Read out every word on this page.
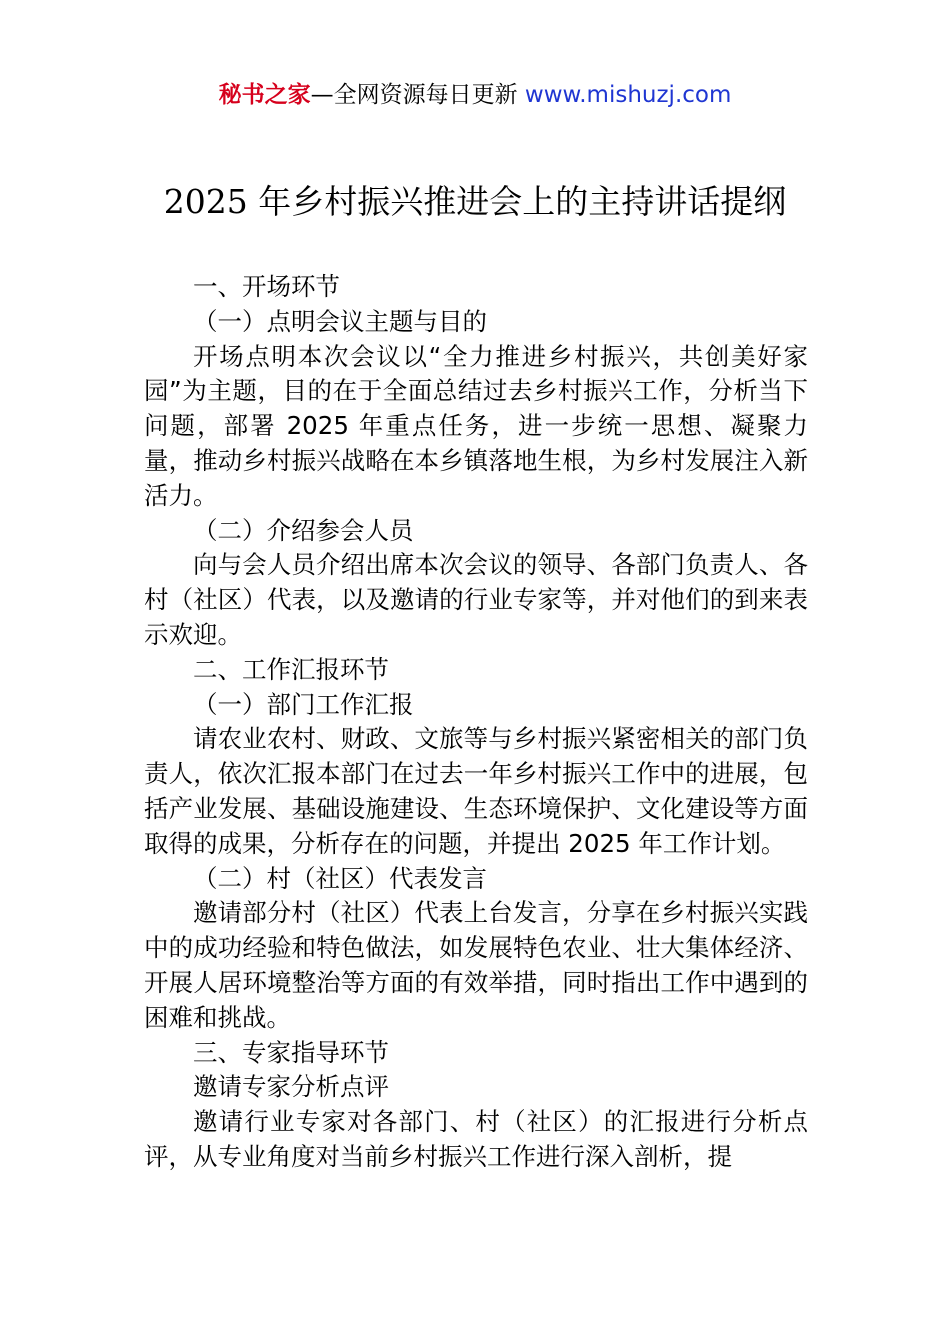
秘书之家—全网资源每日更新 www.mishuzj.com
2025 年乡村振兴推进会上的主持讲话提纲

一、开场环节

（一）点明会议主题与目的

开场点明本次会议以“全力推进乡村振兴，共创美好家园”为主题，目的在于全面总结过去乡村振兴工作，分析当下问题，部署 2025 年重点任务，进一步统一思想、凝聚力量，推动乡村振兴战略在本乡镇落地生根，为乡村发展注入新活力。

（二）介绍参会人员

向与会人员介绍出席本次会议的领导、各部门负责人、各村（社区）代表，以及邀请的行业专家等，并对他们的到来表示欢迎。

二、工作汇报环节

（一）部门工作汇报

请农业农村、财政、文旅等与乡村振兴紧密相关的部门负责人，依次汇报本部门在过去一年乡村振兴工作中的进展，包括产业发展、基础设施建设、生态环境保护、文化建设等方面取得的成果，分析存在的问题，并提出 2025 年工作计划。

（二）村（社区）代表发言

邀请部分村（社区）代表上台发言，分享在乡村振兴实践中的成功经验和特色做法，如发展特色农业、壮大集体经济、开展人居环境整治等方面的有效举措，同时指出工作中遇到的困难和挑战。

三、专家指导环节

邀请专家分析点评

邀请行业专家对各部门、村（社区）的汇报进行分析点评，从专业角度对当前乡村振兴工作进行深入剖析，提
